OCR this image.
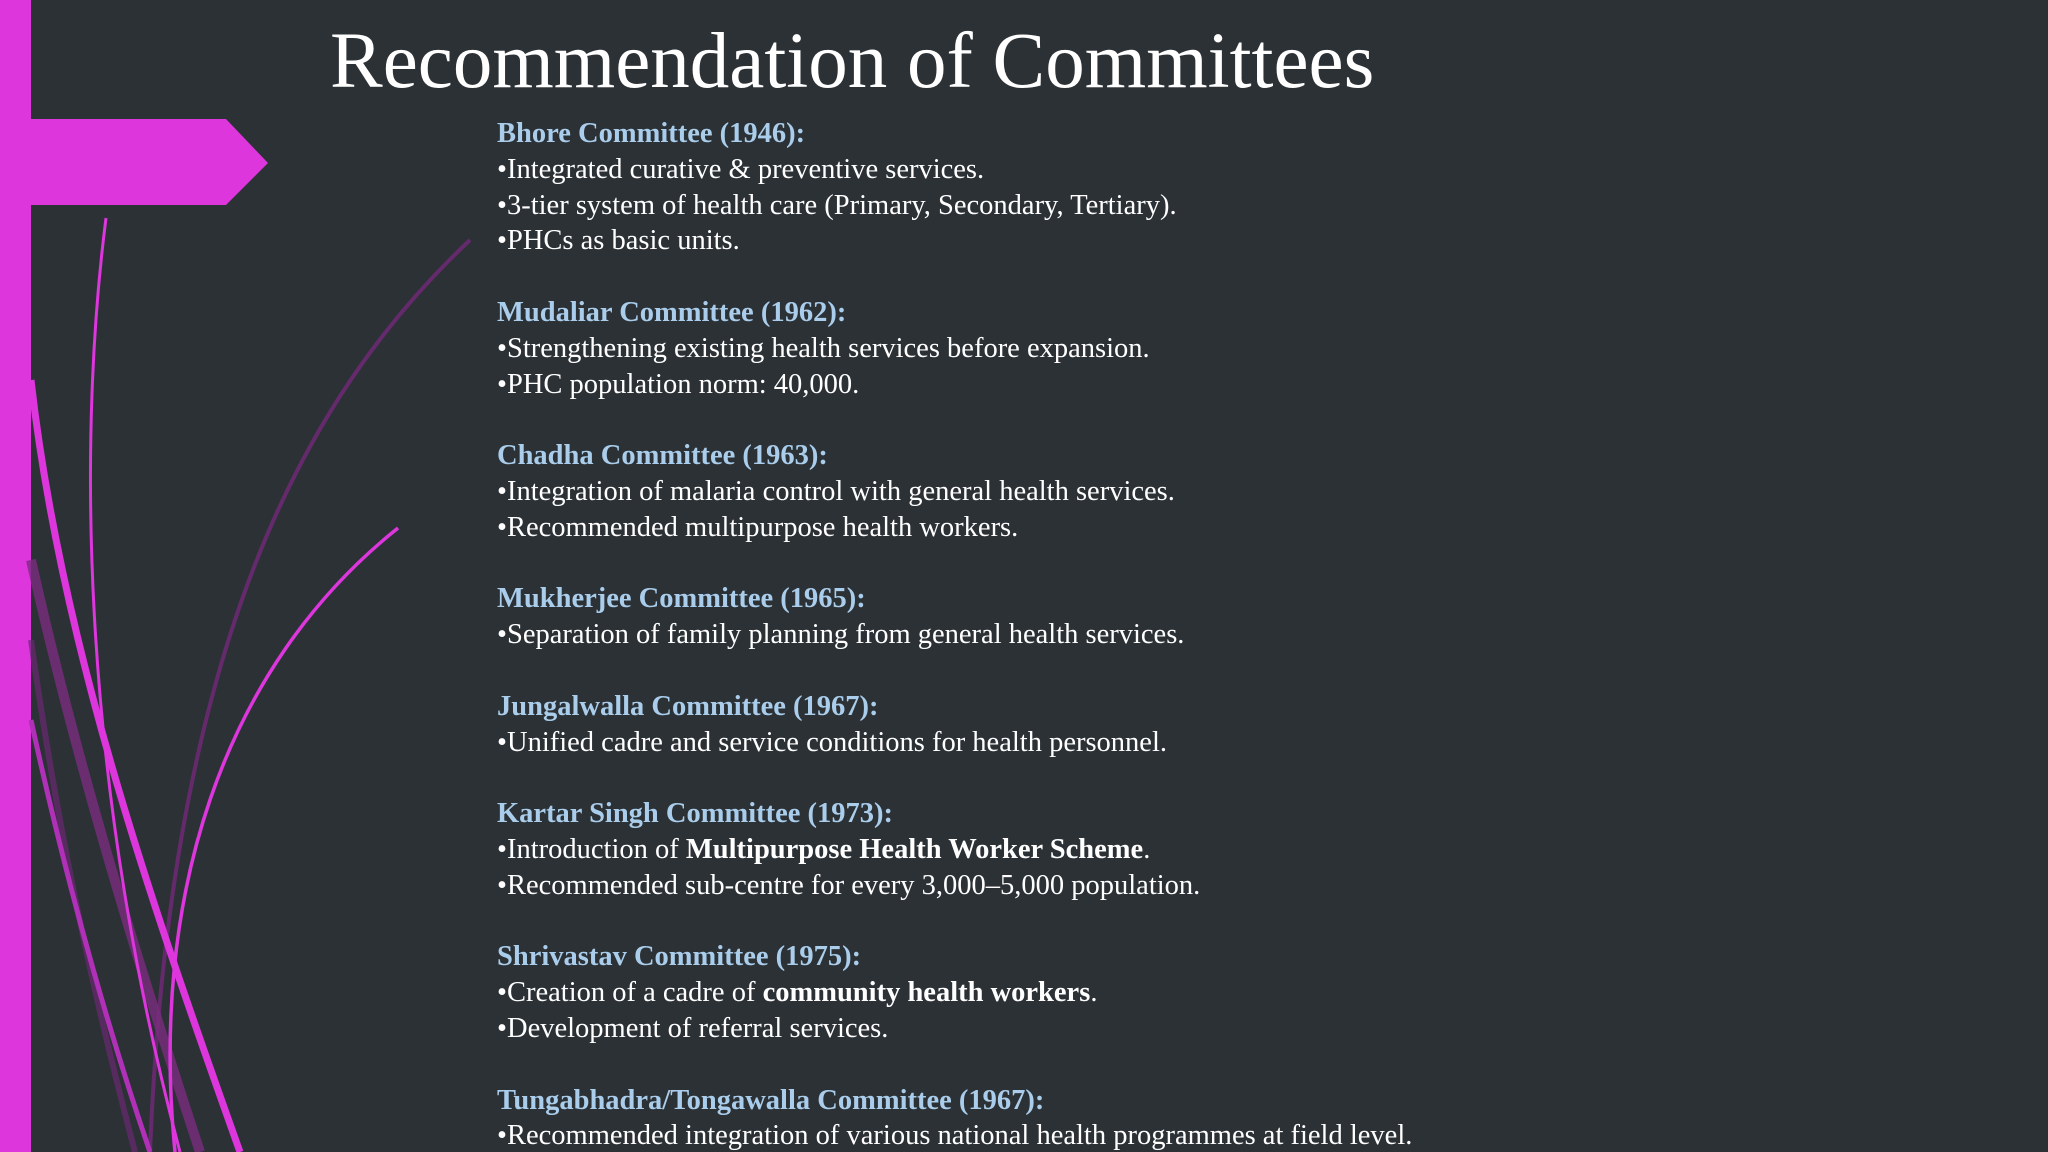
Recommendation of Committees
Bhore Committee (1946):
•Integrated curative & preventive services.
•3-tier system of health care (Primary, Secondary, Tertiary).
•PHCs as basic units.
Mudaliar Committee (1962):
•Strengthening existing health services before expansion.
•PHC population norm: 40,000.
Chadha Committee (1963):
•Integration of malaria control with general health services.
•Recommended multipurpose health workers.
Mukherjee Committee (1965):
•Separation of family planning from general health services.
Jungalwalla Committee (1967):
•Unified cadre and service conditions for health personnel.
Kartar Singh Committee (1973):
•Introduction of Multipurpose Health Worker Scheme.
•Recommended sub-centre for every 3,000–5,000 population.
Shrivastav Committee (1975):
•Creation of a cadre of community health workers.
•Development of referral services.
Tungabhadra/Tongawalla Committee (1967):
•Recommended integration of various national health programmes at field level.
